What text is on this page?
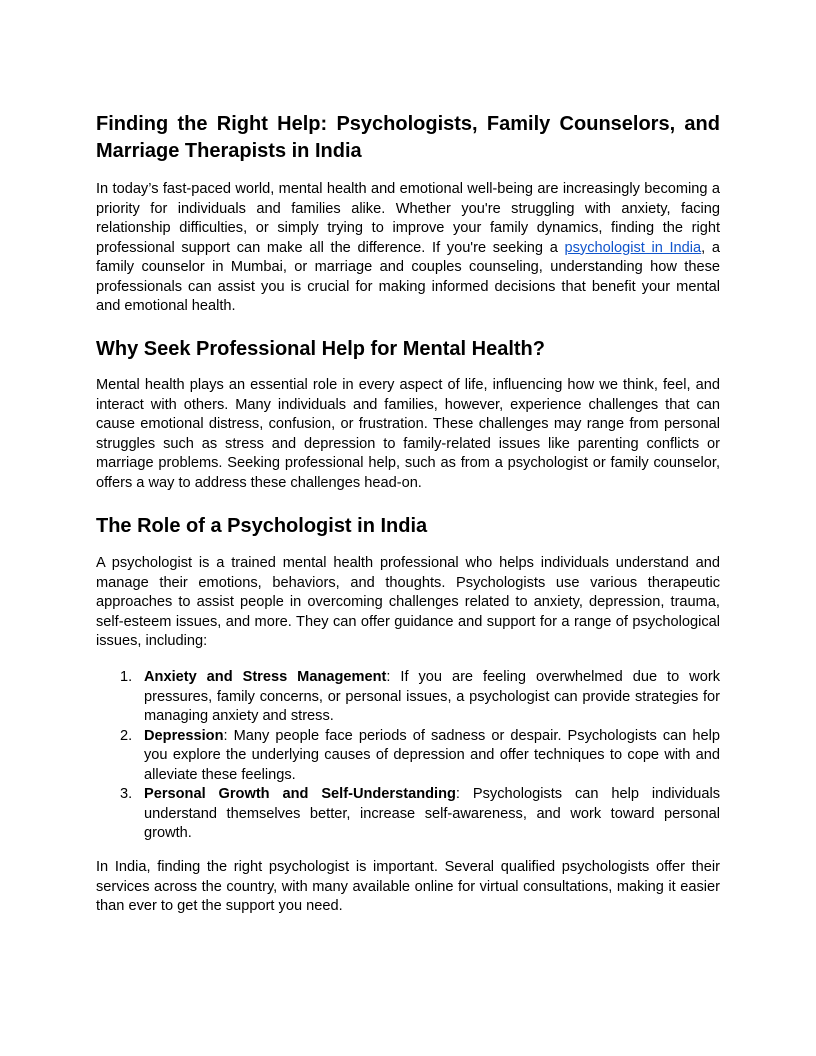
Finding the Right Help: Psychologists, Family Counselors, and Marriage Therapists in India

In today’s fast-paced world, mental health and emotional well-being are increasingly becoming a priority for individuals and families alike. Whether you're struggling with anxiety, facing relationship difficulties, or simply trying to improve your family dynamics, finding the right professional support can make all the difference. If you're seeking a psychologist in India, a family counselor in Mumbai, or marriage and couples counseling, understanding how these professionals can assist you is crucial for making informed decisions that benefit your mental and emotional health.

Why Seek Professional Help for Mental Health?

Mental health plays an essential role in every aspect of life, influencing how we think, feel, and interact with others. Many individuals and families, however, experience challenges that can cause emotional distress, confusion, or frustration. These challenges may range from personal struggles such as stress and depression to family-related issues like parenting conflicts or marriage problems. Seeking professional help, such as from a psychologist or family counselor, offers a way to address these challenges head-on.

The Role of a Psychologist in India

A psychologist is a trained mental health professional who helps individuals understand and manage their emotions, behaviors, and thoughts. Psychologists use various therapeutic approaches to assist people in overcoming challenges related to anxiety, depression, trauma, self-esteem issues, and more. They can offer guidance and support for a range of psychological issues, including:

1. Anxiety and Stress Management: If you are feeling overwhelmed due to work pressures, family concerns, or personal issues, a psychologist can provide strategies for managing anxiety and stress.
2. Depression: Many people face periods of sadness or despair. Psychologists can help you explore the underlying causes of depression and offer techniques to cope with and alleviate these feelings.
3. Personal Growth and Self-Understanding: Psychologists can help individuals understand themselves better, increase self-awareness, and work toward personal growth.

In India, finding the right psychologist is important. Several qualified psychologists offer their services across the country, with many available online for virtual consultations, making it easier than ever to get the support you need.
